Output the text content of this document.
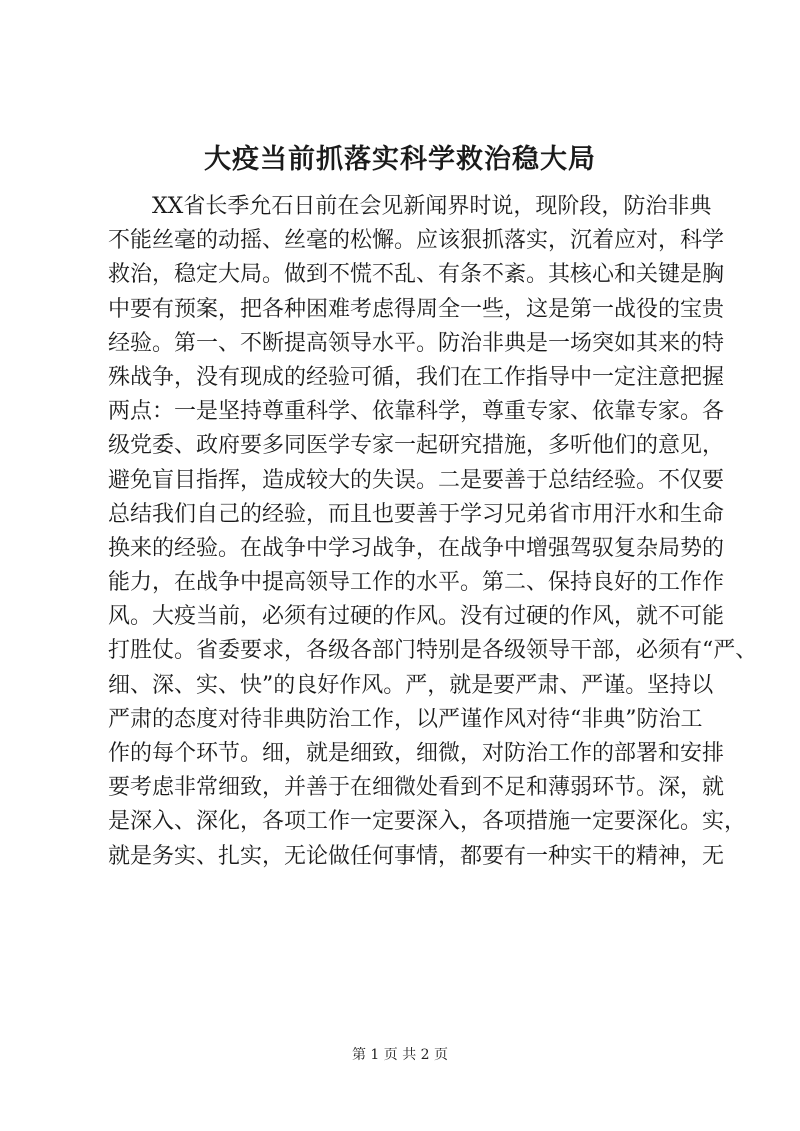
大疫当前抓落实科学救治稳大局
XX省长季允石日前在会见新闻界时说，现阶段，防治非典
不能丝毫的动摇、丝毫的松懈。应该狠抓落实，沉着应对，科学
救治，稳定大局。做到不慌不乱、有条不紊。其核心和关键是胸
中要有预案，把各种困难考虑得周全一些，这是第一战役的宝贵
经验。第一、不断提高领导水平。防治非典是一场突如其来的特
殊战争，没有现成的经验可循，我们在工作指导中一定注意把握
两点：一是坚持尊重科学、依靠科学，尊重专家、依靠专家。各
级党委、政府要多同医学专家一起研究措施，多听他们的意见，
避免盲目指挥，造成较大的失误。二是要善于总结经验。不仅要
总结我们自己的经验，而且也要善于学习兄弟省市用汗水和生命
换来的经验。在战争中学习战争，在战争中增强驾驭复杂局势的
能力，在战争中提高领导工作的水平。第二、保持良好的工作作
风。大疫当前，必须有过硬的作风。没有过硬的作风，就不可能
打胜仗。省委要求，各级各部门特别是各级领导干部，必须有“严、
细、深、实、快”的良好作风。严，就是要严肃、严谨。坚持以
严肃的态度对待非典防治工作，以严谨作风对待“非典”防治工
作的每个环节。细，就是细致，细微，对防治工作的部署和安排
要考虑非常细致，并善于在细微处看到不足和薄弱环节。深，就
是深入、深化，各项工作一定要深入，各项措施一定要深化。实，
就是务实、扎实，无论做任何事情，都要有一种实干的精神，无
第 1 页 共 2 页
